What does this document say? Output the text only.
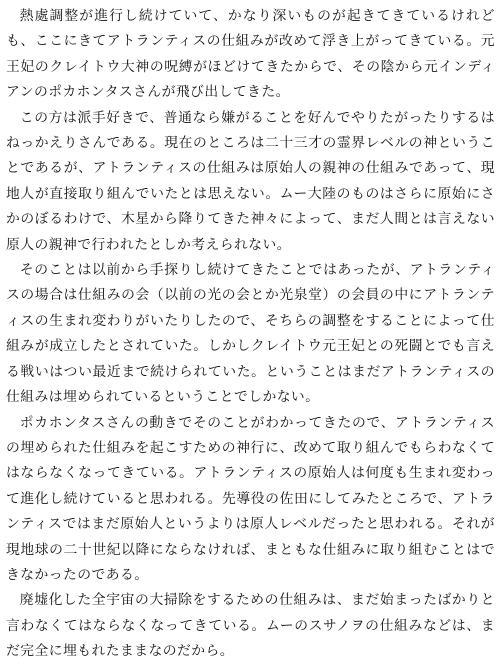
熱處調整が進行し続けていて、かなり深いものが起きてきているけれども、ここにきてアトランティスの仕組みが改めて浮き上がってきている。元王妃のクレイトウ大神の呪縛がほどけてきたからで、その陰から元インディアンのポカホンタスさんが飛び出してきた。

この方は派手好きで、普通なら嫌がることを好んでやりたがったりするはねっかえりさんである。現在のところは二十三才の霊界レベルの神ということであるが、アトランティスの仕組みは原始人の親神の仕組みであって、現地人が直接取り組んでいたとは思えない。ムー大陸のものはさらに原始にさかのぼるわけで、木星から降りてきた神々によって、まだ人間とは言えない原人の親神で行われたとしか考えられない。

そのことは以前から手探りし続けてきたことではあったが、アトランティスの場合は仕組みの会（以前の光の会とか光泉堂）の会員の中にアトランティスの生まれ変わりがいたりしたので、そちらの調整をすることによって仕組みが成立したとされていた。しかしクレイトウ元王妃との死闘とでも言える戦いはつい最近まで続けられていた。ということはまだアトランティスの仕組みは埋められているということでしかない。

ポカホンタスさんの動きでそのことがわかってきたので、アトランティスの埋められた仕組みを起こすための神行に、改めて取り組んでもらわなくてはならなくなってきている。アトランティスの原始人は何度も生まれ変わって進化し続けていると思われる。先導役の佐田にしてみたところで、アトランティスではまだ原始人というよりは原人レベルだったと思われる。それが現地球の二十世紀以降にならなければ、まともな仕組みに取り組むことはできなかったのである。

廃墟化した全宇宙の大掃除をするための仕組みは、まだ始まったばかりと言わなくてはならなくなってきている。ムーのスサノヲの仕組みなどは、まだ完全に埋もれたままなのだから。
